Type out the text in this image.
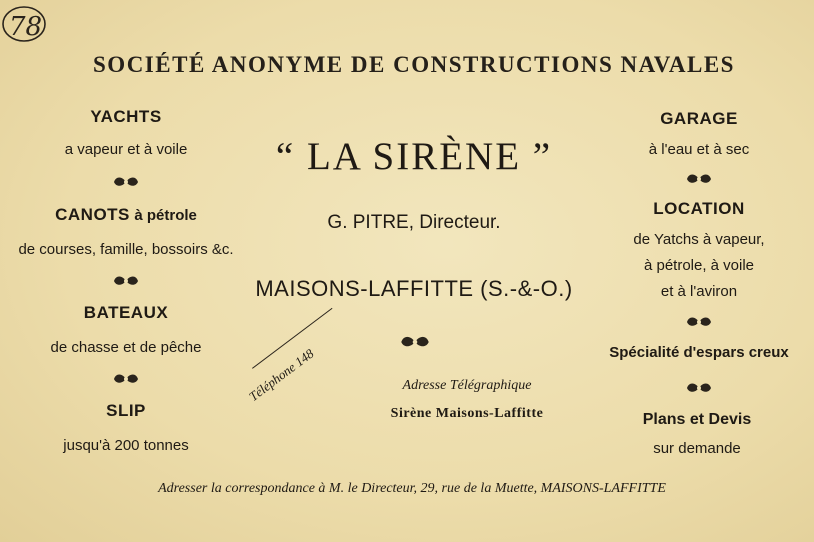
78
SOCIÉTÉ ANONYME DE CONSTRUCTIONS NAVALES
YACHTS
a vapeur et à voile
CANOTS à pétrole
de courses, famille, bossoirs &c.
BATEAUX
de chasse et de pêche
SLIP
jusqu'à 200 tonnes
“ LA SIRÈNE ”
G. PITRE, Directeur.
MAISONS-LAFFITTE (S.-&-O.)
Téléphone 148	Adresse Télégraphique
Sirène Maisons-Laffitte
GARAGE
à l'eau et à sec
LOCATION
de Yatchs à vapeur,
à pétrole, à voile
et à l'aviron
Spécialité d'espars creux
Plans et Devis
sur demande
Adresser la correspondance à M. le Directeur, 29, rue de la Muette, MAISONS-LAFFITTE
